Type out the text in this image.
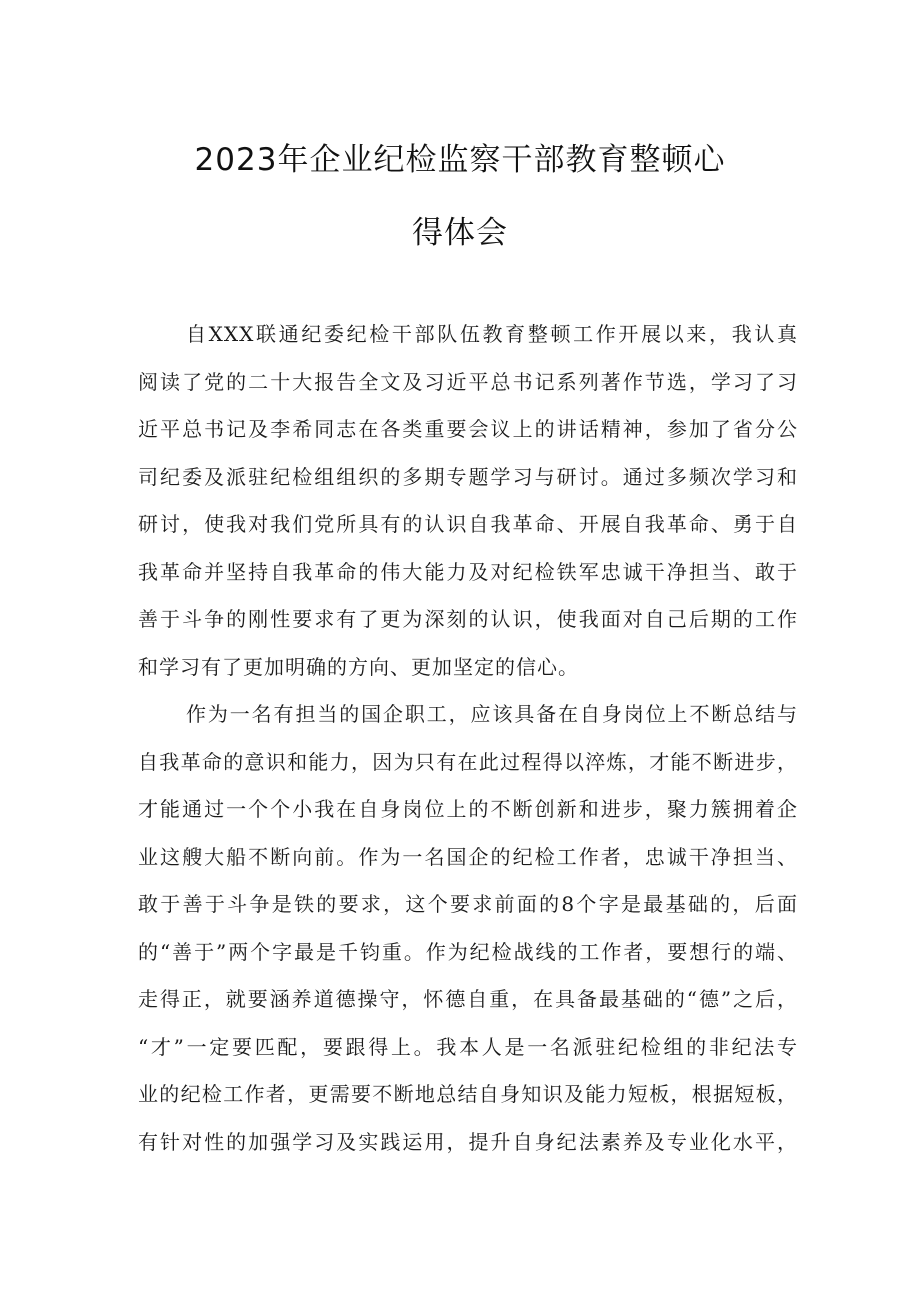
2023年企业纪检监察干部教育整顿心
得体会
自XXX联通纪委纪检干部队伍教育整顿工作开展以来，我认真
阅读了党的二十大报告全文及习近平总书记系列著作节选，学习了习
近平总书记及李希同志在各类重要会议上的讲话精神，参加了省分公
司纪委及派驻纪检组组织的多期专题学习与研讨。通过多频次学习和
研讨，使我对我们党所具有的认识自我革命、开展自我革命、勇于自
我革命并坚持自我革命的伟大能力及对纪检铁军忠诚干净担当、敢于
善于斗争的刚性要求有了更为深刻的认识，使我面对自己后期的工作
和学习有了更加明确的方向、更加坚定的信心。
作为一名有担当的国企职工，应该具备在自身岗位上不断总结与
自我革命的意识和能力，因为只有在此过程得以淬炼，才能不断进步，
才能通过一个个小我在自身岗位上的不断创新和进步，聚力簇拥着企
业这艘大船不断向前。作为一名国企的纪检工作者，忠诚干净担当、
敢于善于斗争是铁的要求，这个要求前面的8个字是最基础的，后面
的“善于”两个字最是千钧重。作为纪检战线的工作者，要想行的端、
走得正，就要涵养道德操守，怀德自重，在具备最基础的“德”之后，
“才”一定要匹配，要跟得上。我本人是一名派驻纪检组的非纪法专
业的纪检工作者，更需要不断地总结自身知识及能力短板，根据短板，
有针对性的加强学习及实践运用，提升自身纪法素养及专业化水平，
